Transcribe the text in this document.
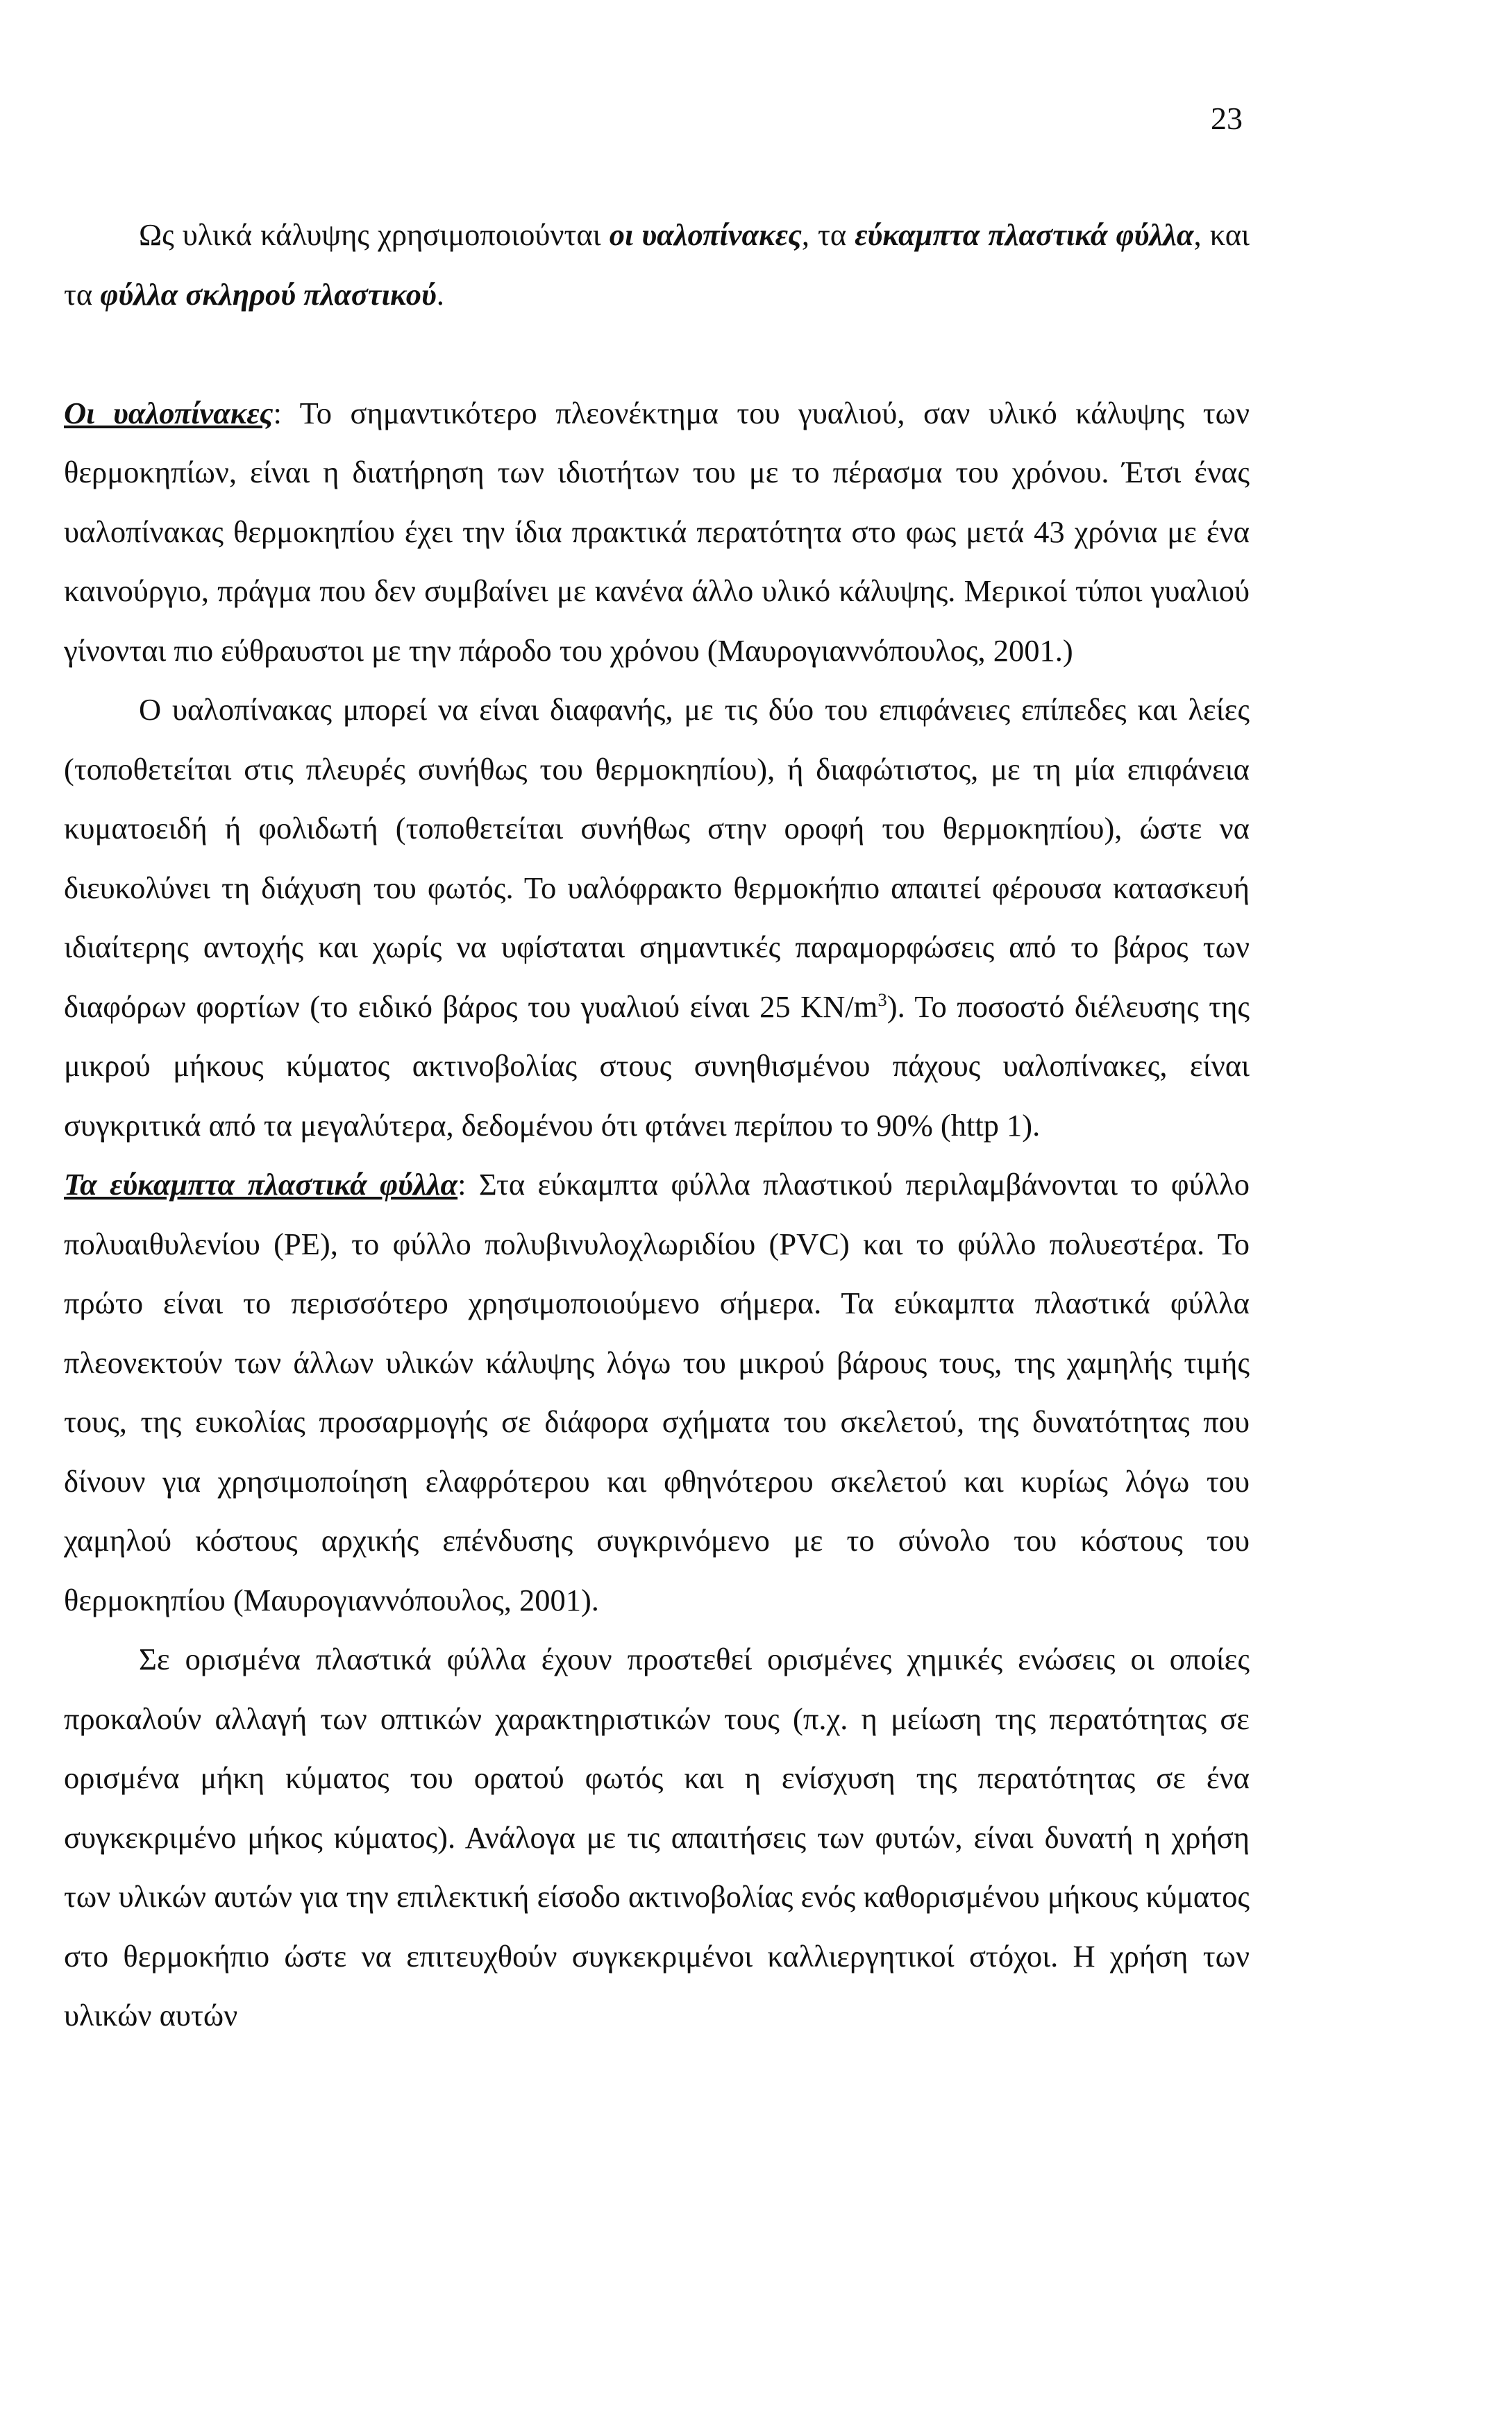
23

Ως υλικά κάλυψης χρησιμοποιούνται οι υαλοπίνακες, τα εύκαμπτα πλαστικά φύλλα, και τα φύλλα σκληρού πλαστικού.

Οι υαλοπίνακες: Το σημαντικότερο πλεονέκτημα του γυαλιού, σαν υλικό κάλυψης των θερμοκηπίων, είναι η διατήρηση των ιδιοτήτων του με το πέρασμα του χρόνου. Έτσι ένας υαλοπίνακας θερμοκηπίου έχει την ίδια πρακτικά περατότητα στο φως μετά 43 χρόνια με ένα καινούργιο, πράγμα που δεν συμβαίνει με κανένα άλλο υλικό κάλυψης. Μερικοί τύποι γυαλιού γίνονται πιο εύθραυστοι με την πάροδο του χρόνου (Μαυρογιαννόπουλος, 2001.)

Ο υαλοπίνακας μπορεί να είναι διαφανής, με τις δύο του επιφάνειες επίπεδες και λείες (τοποθετείται στις πλευρές συνήθως του θερμοκηπίου), ή διαφώτιστος, με τη μία επιφάνεια κυματοειδή ή φολιδωτή (τοποθετείται συνήθως στην οροφή του θερμοκηπίου), ώστε να διευκολύνει τη διάχυση του φωτός. Το υαλόφρακτο θερμοκήπιο απαιτεί φέρουσα κατασκευή ιδιαίτερης αντοχής και χωρίς να υφίσταται σημαντικές παραμορφώσεις από το βάρος των διαφόρων φορτίων (το ειδικό βάρος του γυαλιού είναι 25 $KN/m^3$). Το ποσοστό διέλευσης της μικρού μήκους κύματος ακτινοβολίας στους συνηθισμένου πάχους υαλοπίνακες, είναι συγκριτικά από τα μεγαλύτερα, δεδομένου ότι φτάνει περίπου το 90% (http 1).

Τα εύκαμπτα πλαστικά φύλλα: Στα εύκαμπτα φύλλα πλαστικού περιλαμβάνονται το φύλλο πολυαιθυλενίου (PE), το φύλλο πολυβινυλοχλωριδίου (PVC) και το φύλλο πολυεστέρα. Το πρώτο είναι το περισσότερο χρησιμοποιούμενο σήμερα. Τα εύκαμπτα πλαστικά φύλλα πλεονεκτούν των άλλων υλικών κάλυψης λόγω του μικρού βάρους τους, της χαμηλής τιμής τους, της ευκολίας προσαρμογής σε διάφορα σχήματα του σκελετού, της δυνατότητας που δίνουν για χρησιμοποίηση ελαφρότερου και φθηνότερου σκελετού και κυρίως λόγω του χαμηλού κόστους αρχικής επένδυσης συγκρινόμενο με το σύνολο του κόστους του θερμοκηπίου (Μαυρογιαννόπουλος, 2001).

Σε ορισμένα πλαστικά φύλλα έχουν προστεθεί ορισμένες χημικές ενώσεις οι οποίες προκαλούν αλλαγή των οπτικών χαρακτηριστικών τους (π.χ. η μείωση της περατότητας σε ορισμένα μήκη κύματος του ορατού φωτός και η ενίσχυση της περατότητας σε ένα συγκεκριμένο μήκος κύματος). Ανάλογα με τις απαιτήσεις των φυτών, είναι δυνατή η χρήση των υλικών αυτών για την επιλεκτική είσοδο ακτινοβολίας ενός καθορισμένου μήκους κύματος στο θερμοκήπιο ώστε να επιτευχθούν συγκεκριμένοι καλλιεργητικοί στόχοι. Η χρήση των υλικών αυτών
